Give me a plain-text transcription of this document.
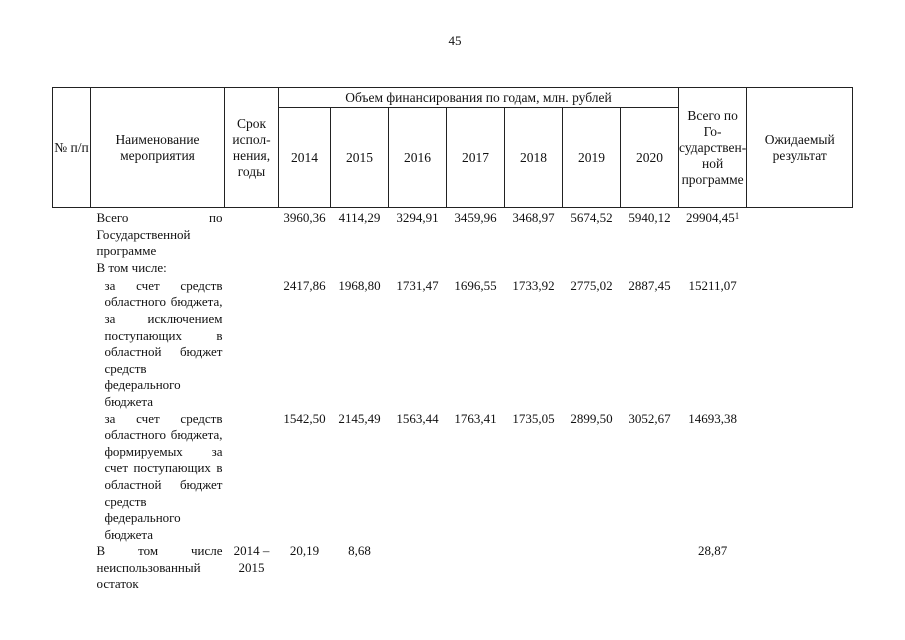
45
№ п/п	Наименование мероприятия	Срок испол-нения, годы	Объем финансирования по годам, млн. рублей							Всего по Го-сударствен-ной программе	Ожидаемый результат
			2014	2015	2016	2017	2018	2019	2020		
	Всего по Государственной программе		3960,36	4114,29	3294,91	3459,96	3468,97	5674,52	5940,12	29904,45$^1$	
	В том числе:										
	за счет средств областного бюджета, за исключением поступающих в областной бюджет средств федерального бюджета		2417,86	1968,80	1731,47	1696,55	1733,92	2775,02	2887,45	15211,07	
	за счет средств областного бюджета, формируемых за счет поступающих в областной бюджет средств федерального бюджета		1542,50	2145,49	1563,44	1763,41	1735,05	2899,50	3052,67	14693,38	
	В том числе неиспользованный остаток	2014 – 2015	20,19	8,68						28,87	
